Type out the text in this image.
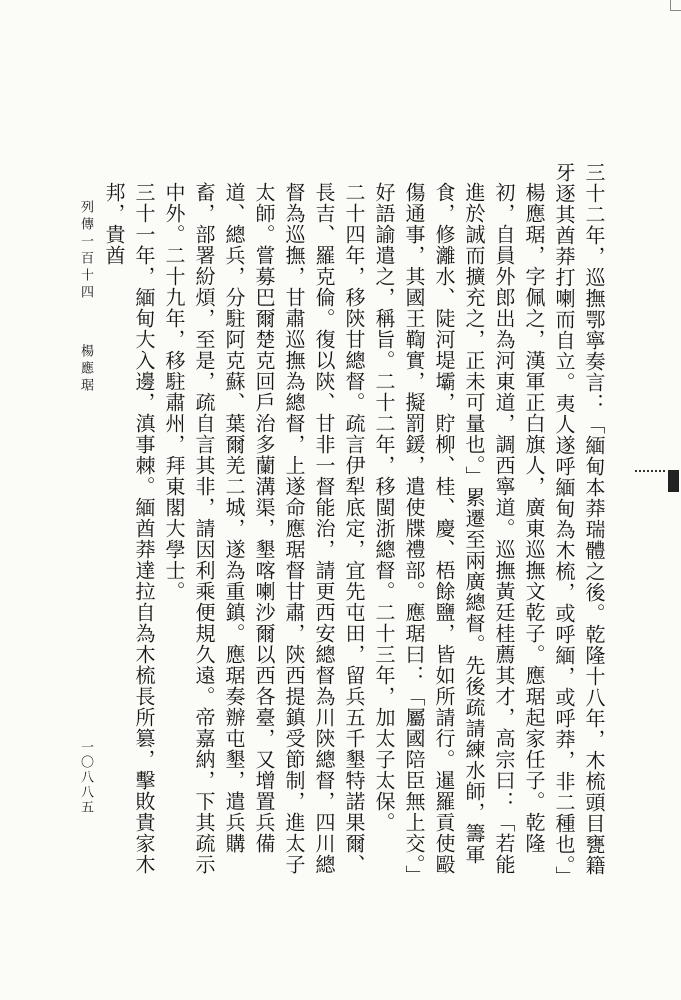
三十二年，巡撫鄂寧奏言：「緬甸本莽瑞體之後。乾隆十八年，木梳頭目甕籍牙逐其酋莽打喇而自立。夷人遂呼緬甸為木梳，或呼緬，或呼莽，非二種也。」

楊應琚，字佩之，漢軍正白旗人，廣東巡撫文乾子。應琚起家任子。乾隆初，自員外郎出為河東道，調西寧道。巡撫黃廷桂薦其才，高宗曰：「若能進於誠而擴充之，正未可量也。」累遷至兩廣總督。先後疏請練水師，籌軍食，修灕水、陡河堤壩，貯柳、桂、慶、梧餘鹽，皆如所請行。暹羅貢使毆傷通事，其國王鞫實，擬罰鍰，遣使牒禮部。應琚曰：「屬國陪臣無上交。」好語諭遣之，稱旨。二十二年，移閩浙總督。二十三年，加太子太保。

二十四年，移陝甘總督。疏言伊犁底定，宜先屯田，留兵五千墾特諾果爾、長吉、羅克倫。復以陝、甘非一督能治，請更西安總督為川陝總督，四川總督為巡撫，甘肅巡撫為總督，上遂命應琚督甘肅，陝西提鎮受節制，進太子太師。嘗募巴爾楚克回戶治多蘭溝渠，墾喀喇沙爾以西各臺，又增置兵備道、總兵，分駐阿克蘇、葉爾羌二城，遂為重鎮。應琚奏辦屯墾，遣兵購畜，部署紛煩，至是，疏自言其非，請因利乘便規久遠。帝嘉納，下其疏示中外。二十九年，移駐肅州，拜東閣大學士。

三十一年，緬甸大入邊，滇事棘。緬酋莽達拉自為木梳長所篡，擊敗貴家木邦，貴酋

列傳一百十四　　楊應琚
一〇八八五
